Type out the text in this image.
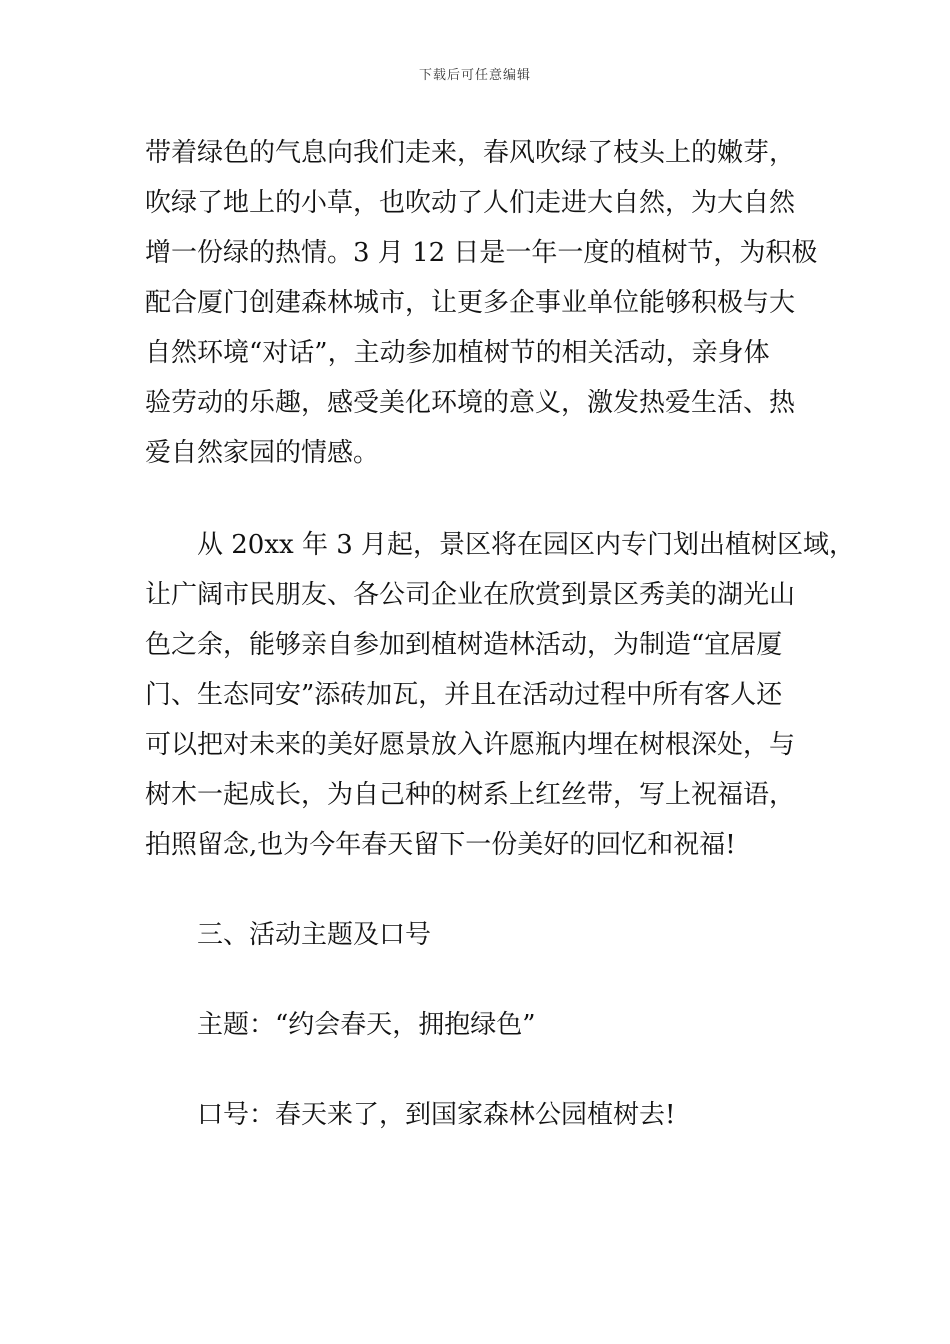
下载后可任意编辑
带着绿色的气息向我们走来，春风吹绿了枝头上的嫩芽，
吹绿了地上的小草，也吹动了人们走进大自然，为大自然
增一份绿的热情。3 月 12 日是一年一度的植树节，为积极
配合厦门创建森林城市，让更多企事业单位能够积极与大
自然环境“对话”，主动参加植树节的相关活动，亲身体
验劳动的乐趣，感受美化环境的意义，激发热爱生活、热
爱自然家园的情感。
从 20xx 年 3 月起，景区将在园区内专门划出植树区域，
让广阔市民朋友、各公司企业在欣赏到景区秀美的湖光山
色之余，能够亲自参加到植树造林活动，为制造“宜居厦
门、生态同安”添砖加瓦，并且在活动过程中所有客人还
可以把对未来的美好愿景放入许愿瓶内埋在树根深处，与
树木一起成长，为自己种的树系上红丝带，写上祝福语，
拍照留念,也为今年春天留下一份美好的回忆和祝福!
三、活动主题及口号
主题：“约会春天，拥抱绿色”
口号：春天来了，到国家森林公园植树去!
